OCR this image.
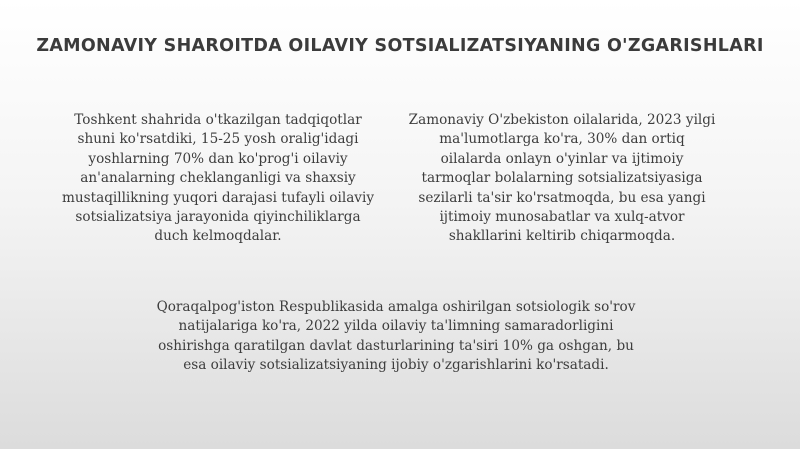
ZAMONAVIY SHAROITDA OILAVIY SOTSIALIZATSIYANING O'ZGARISHLARI

Toshkent shahrida o'tkazilgan tadqiqotlar shuni ko'rsatdiki, 15-25 yosh oralig'idagi yoshlarning 70% dan ko'prog'i oilaviy an'analarning cheklanganligi va shaxsiy mustaqillikning yuqori darajasi tufayli oilaviy sotsializatsiya jarayonida qiyinchiliklarga duch kelmoqdalar.

Zamonaviy O'zbekiston oilalarida, 2023 yilgi ma'lumotlarga ko'ra, 30% dan ortiq oilalarda onlayn o'yinlar va ijtimoiy tarmoqlar bolalarning sotsializatsiyasiga sezilarli ta'sir ko'rsatmoqda, bu esa yangi ijtimoiy munosabatlar va xulq-atvor shakllarini keltirib chiqarmoqda.

Qoraqalpog'iston Respublikasida amalga oshirilgan sotsiologik so'rov natijalariga ko'ra, 2022 yilda oilaviy ta'limning samaradorligini oshirishga qaratilgan davlat dasturlarining ta'siri 10% ga oshgan, bu esa oilaviy sotsializatsiyaning ijobiy o'zgarishlarini ko'rsatadi.
